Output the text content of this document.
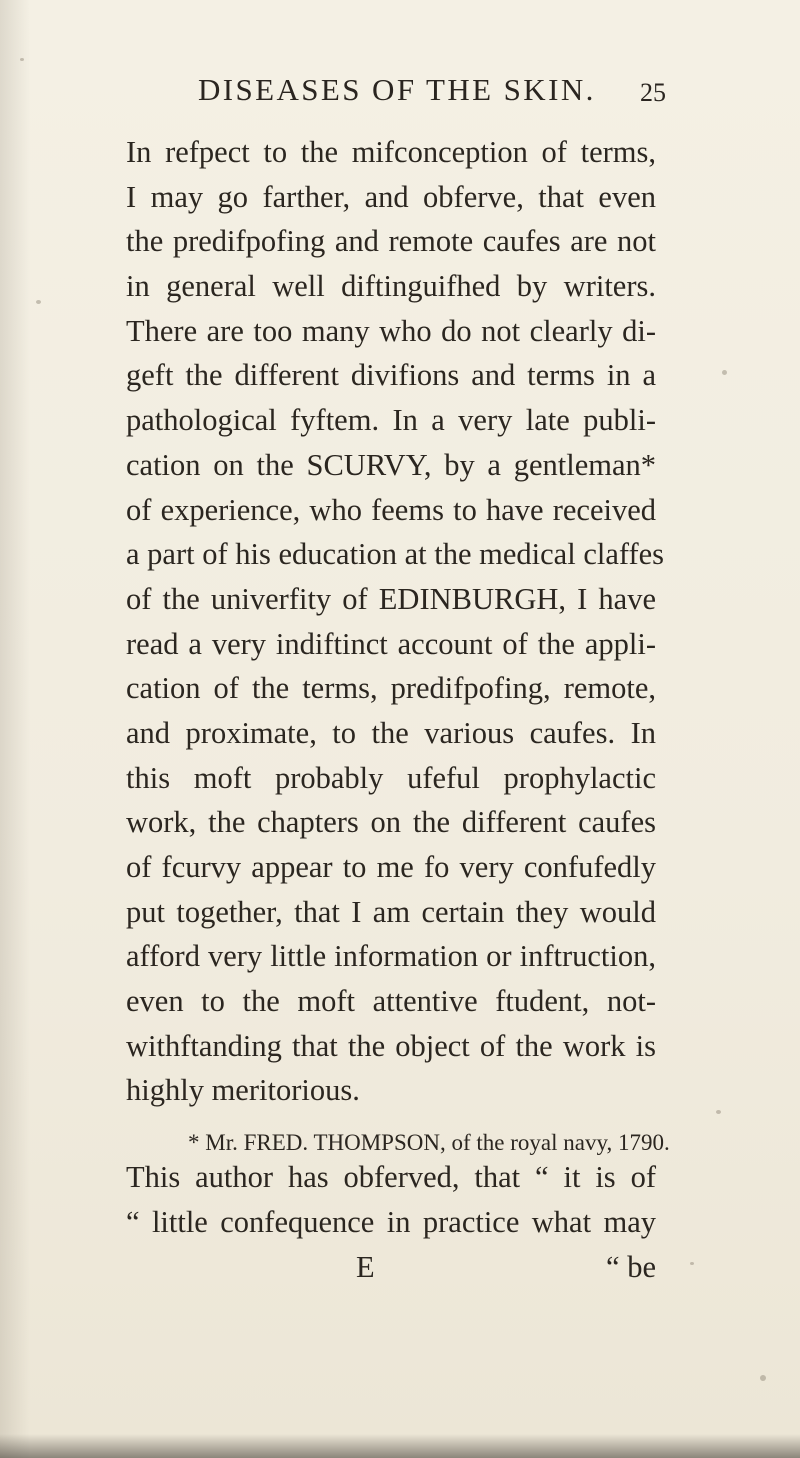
DISEASES OF THE SKIN. 25
In refpect to the mifconception of terms,
I may go farther, and obferve, that even
the predifpofing and remote caufes are not
in general well diftinguifhed by writers.
There are too many who do not clearly di-
geft the different divifions and terms in a
pathological fyftem. In a very late publi-
cation on the SCURVY, by a gentleman*
of experience, who feems to have received
a part of his education at the medical claffes
of the univerfity of EDINBURGH, I have
read a very indiftinct account of the appli-
cation of the terms, predifpofing, remote,
and proximate, to the various caufes. In
this moft probably ufeful prophylactic
work, the chapters on the different caufes
of fcurvy appear to me fo very confufedly
put together, that I am certain they would
afford very little information or inftruction,
even to the moft attentive ftudent, not-
withftanding that the object of the work is
highly meritorious.
This author has obferved, that “ it is of
“ little confequence in practice what may
E	“ be
* Mr. FRED. THOMPSON, of the royal navy, 1790.
